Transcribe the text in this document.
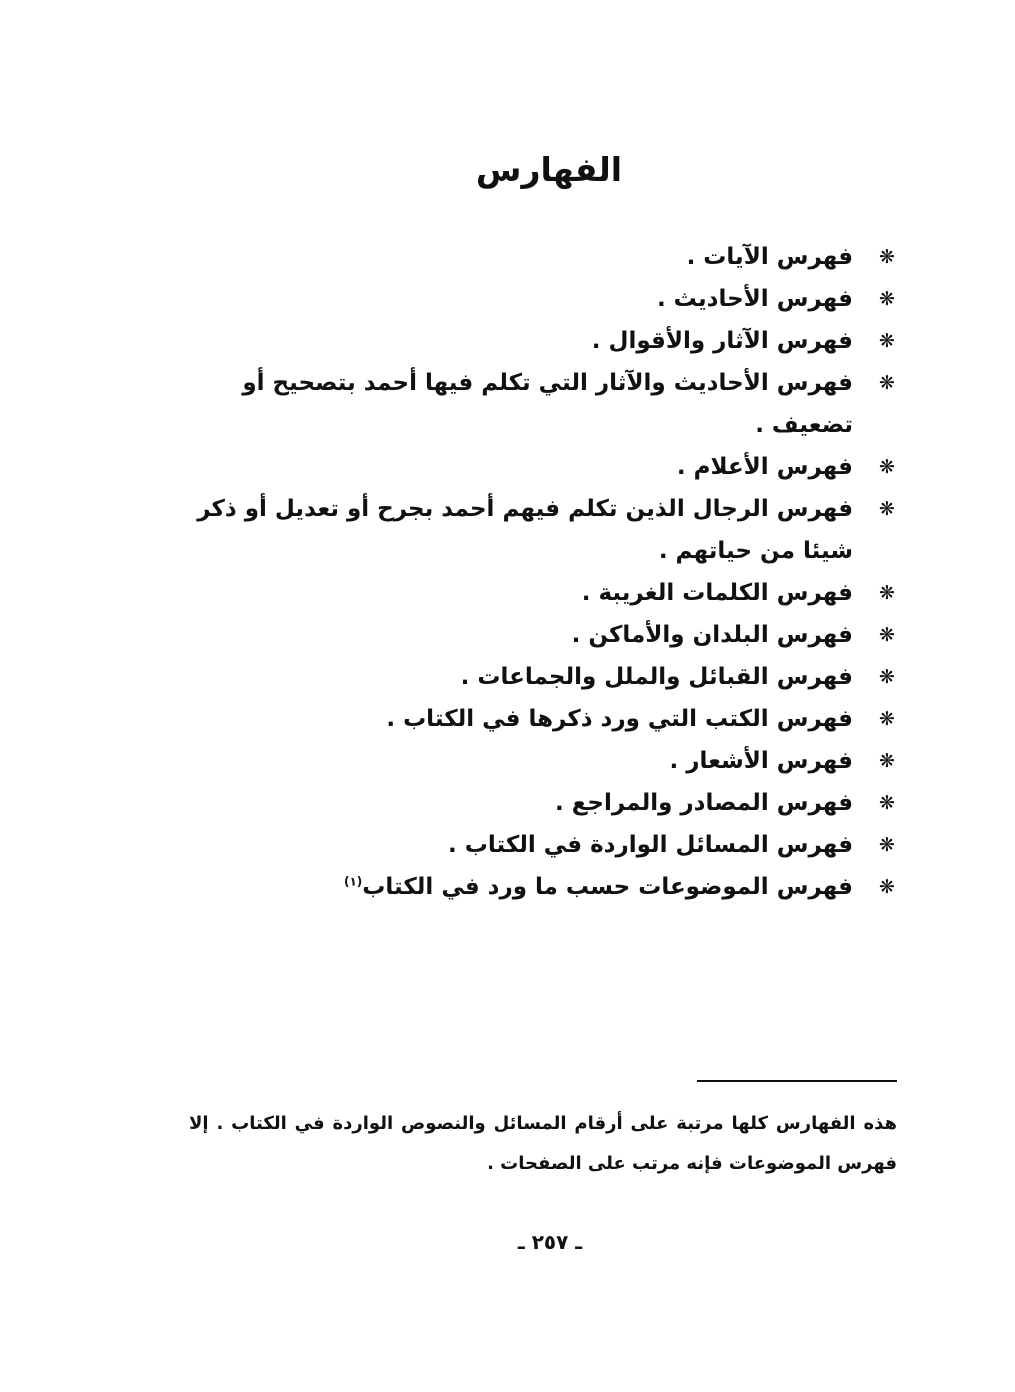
الفهارس
❋
فهرس الآيات .
❋
فهرس الأحاديث .
❋
فهرس الآثار والأقوال .
❋
فهرس الأحاديث والآثار التي تكلم فيها أحمد بتصحيح أو تضعيف .
❋
فهرس الأعلام .
❋
فهرس الرجال الذين تكلم فيهم أحمد بجرح أو تعديل أو ذكر شيئا من حياتهم .
❋
فهرس الكلمات الغريبة .
❋
فهرس البلدان والأماكن .
❋
فهرس القبائل والملل والجماعات .
❋
فهرس الكتب التي ورد ذكرها في الكتاب .
❋
فهرس الأشعار .
❋
فهرس المصادر والمراجع .
❋
فهرس المسائل الواردة في الكتاب .
❋
فهرس الموضوعات حسب ما ورد في الكتاب$^{(١)}$

هذه الفهارس كلها مرتبة على أرقام المسائل والنصوص الواردة في الكتاب . إلا فهرس الموضوعات فإنه مرتب على الصفحات .

ـ ٢٥٧ ـ
